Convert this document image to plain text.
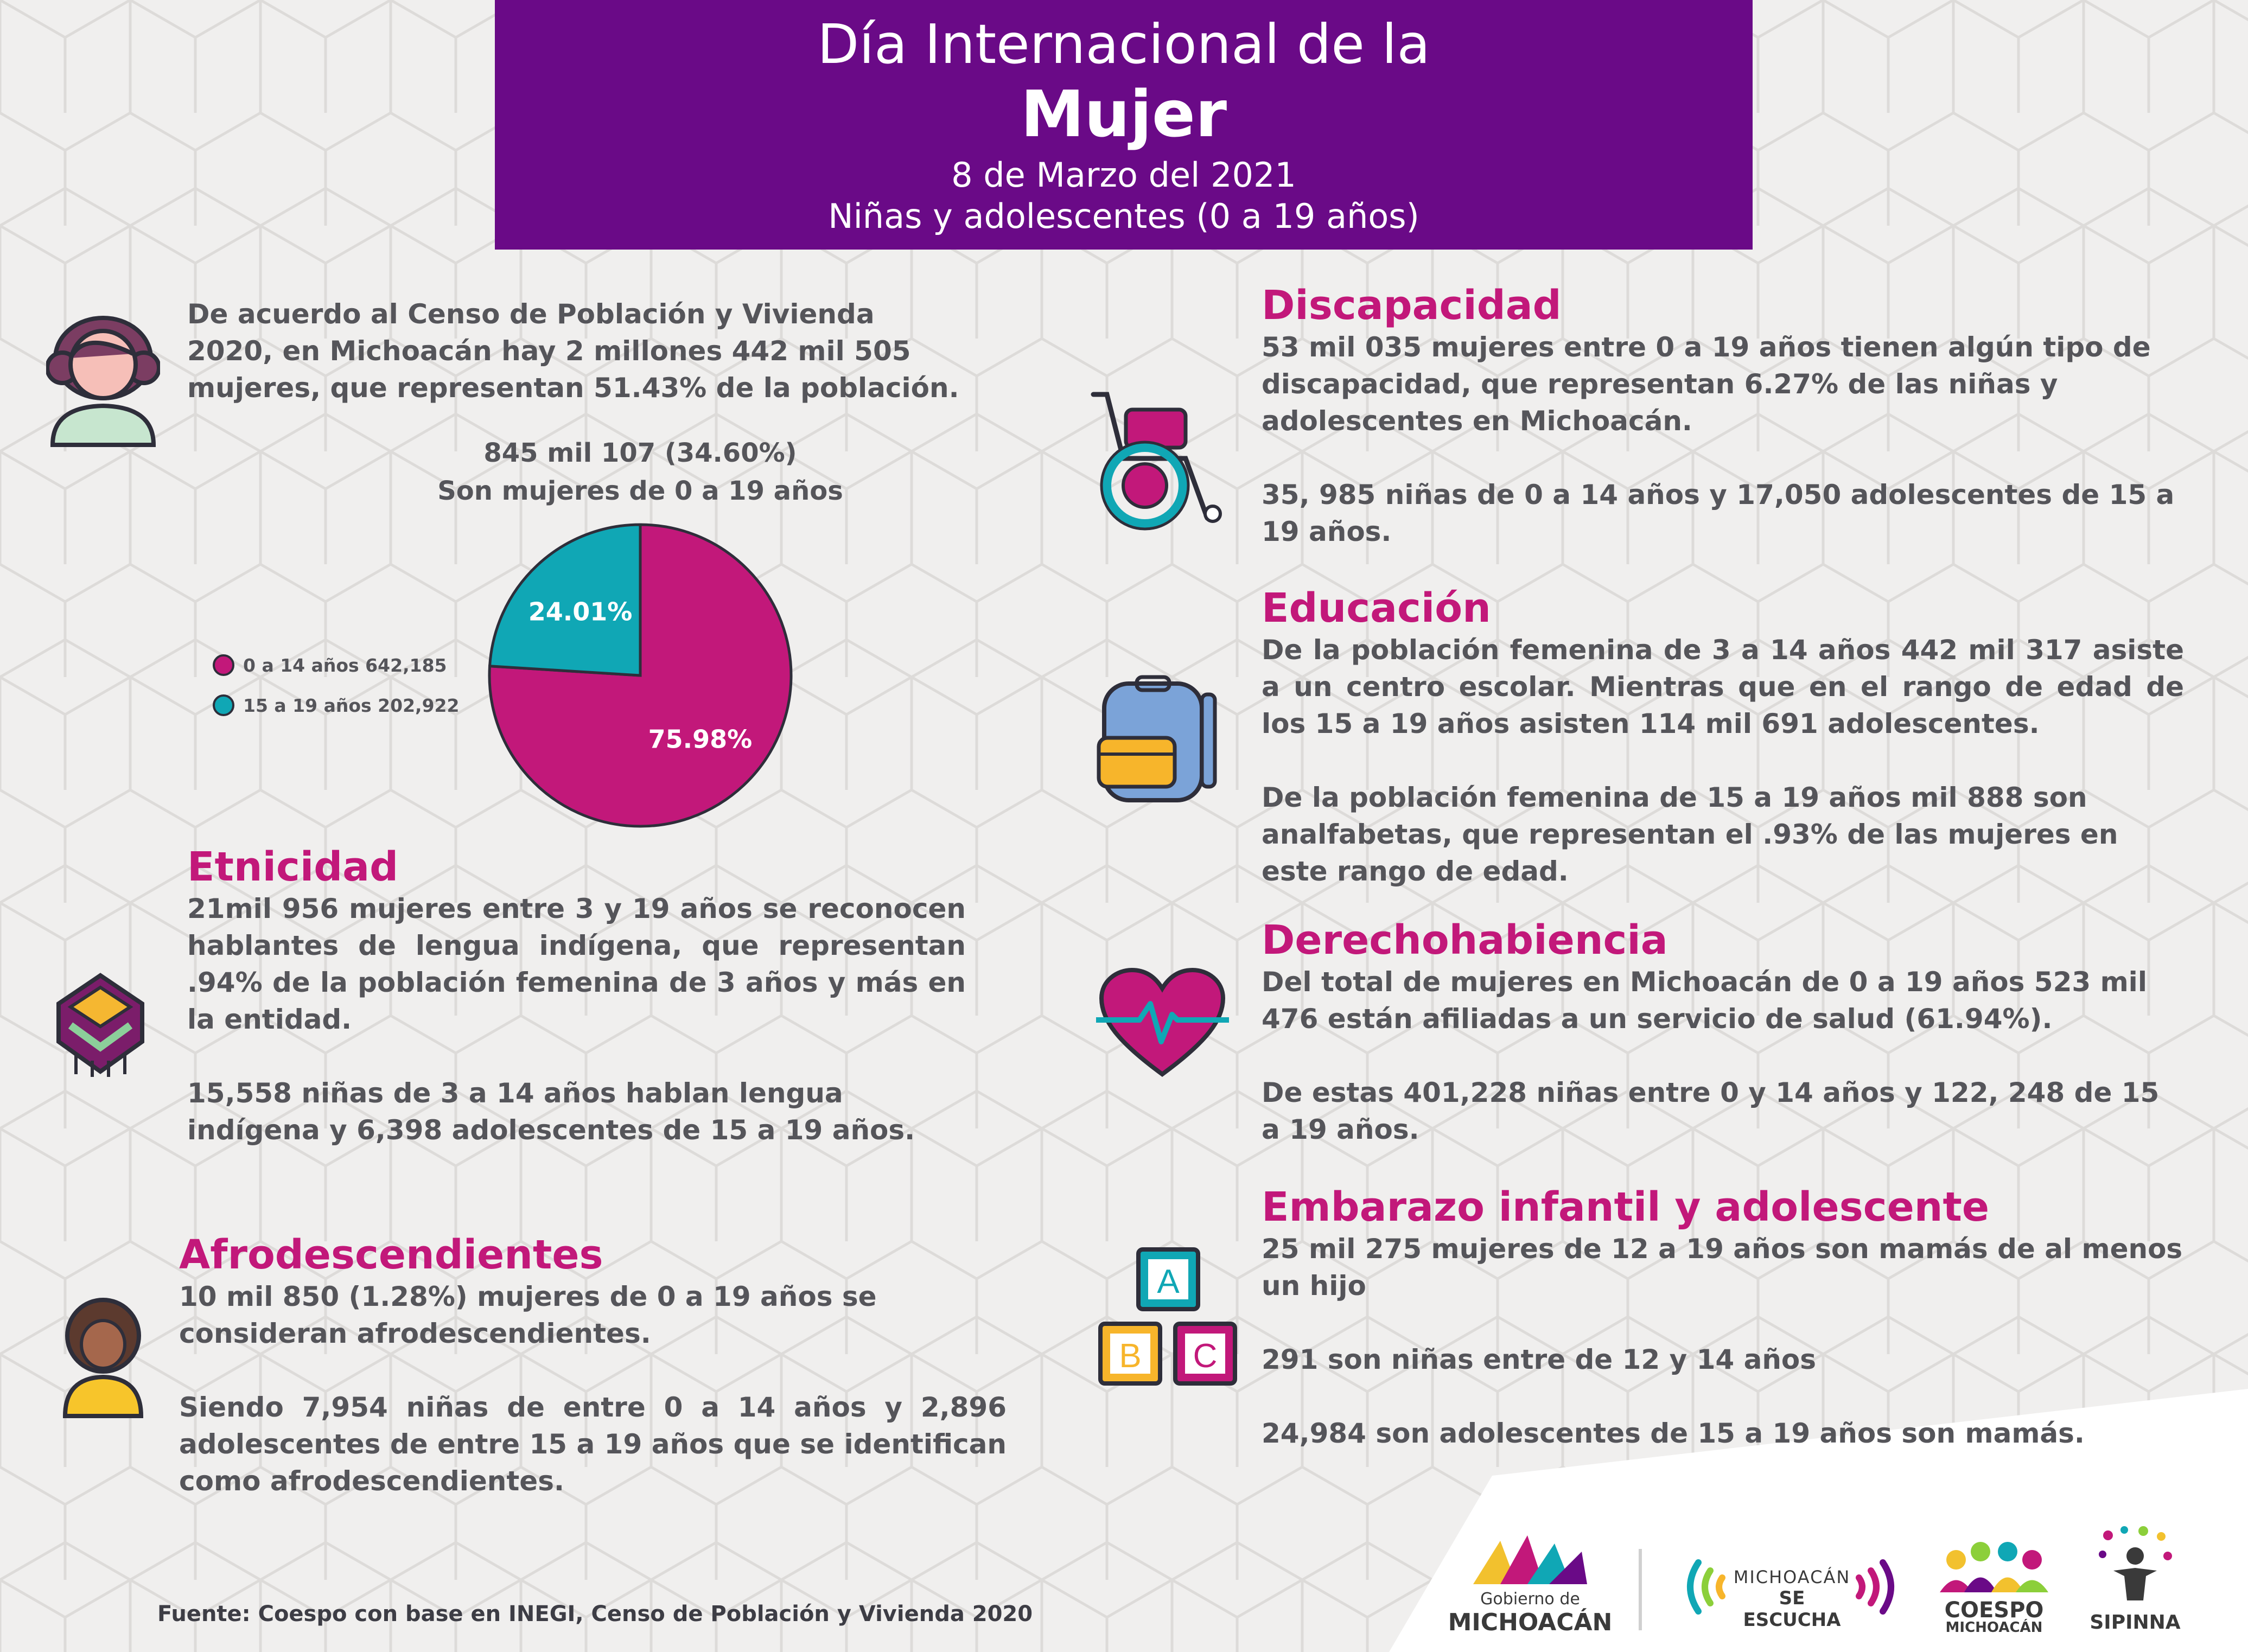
Día Internacional de la
Mujer
8 de Marzo del 2021
Niñas y adolescentes (0 a 19 años)

De acuerdo al Censo de Población y Vivienda 2020, en Michoacán hay 2 millones 442 mil 505 mujeres, que representan 51.43% de la población.

845 mil 107 (34.60%)
Son mujeres de 0 a 19 años
75.98%
24.01%
0 a 14 años 642,185
15 a 19 años 202,922

Etnicidad

21mil 956 mujeres entre 3 y 19 años se reconocen hablantes de lengua indígena, que representan .94% de la población femenina de 3 años y más en la entidad.

15,558 niñas de 3 a 14 años hablan lengua indígena y 6,398 adolescentes de 15 a 19 años.

Afrodescendientes

10 mil 850 (1.28%) mujeres de 0 a 19 años se consideran afrodescendientes.

Siendo 7,954 niñas de entre 0 a 14 años y 2,896 adolescentes de entre 15 a 19 años que se identifican como afrodescendientes.

Discapacidad

53 mil 035 mujeres entre 0 a 19 años tienen algún tipo de discapacidad, que representan 6.27% de las niñas y adolescentes en Michoacán.

35, 985 niñas de 0 a 14 años y 17,050 adolescentes de 15 a 19 años.

Educación

De la población femenina de 3 a 14 años 442 mil 317 asiste a un centro escolar. Mientras que en el rango de edad de los 15 a 19 años asisten 114 mil 691 adolescentes.

De la población femenina de 15 a 19 años mil 888 son analfabetas, que representan el .93% de las mujeres en este rango de edad.

Derechohabiencia

Del total de mujeres en Michoacán de 0 a 19 años 523 mil 476 están afiliadas a un servicio de salud (61.94%).

De estas 401,228 niñas entre 0 y 14 años y 122, 248 de 15 a 19 años.

Embarazo infantil y adolescente

25 mil 275 mujeres de 12 a 19 años son mamás de al menos un hijo

291 son niñas entre de 12 y 14 años

24,984 son adolescentes de 15 a 19 años son mamás.

A
B C
Fuente: Coespo con base en INEGI, Censo de Población y Vivienda 2020
Gobierno de
MICHOACÁN
MICHOACÁN
SE ESCUCHA	COESPO
MICHOACÁN	SIPINNA
